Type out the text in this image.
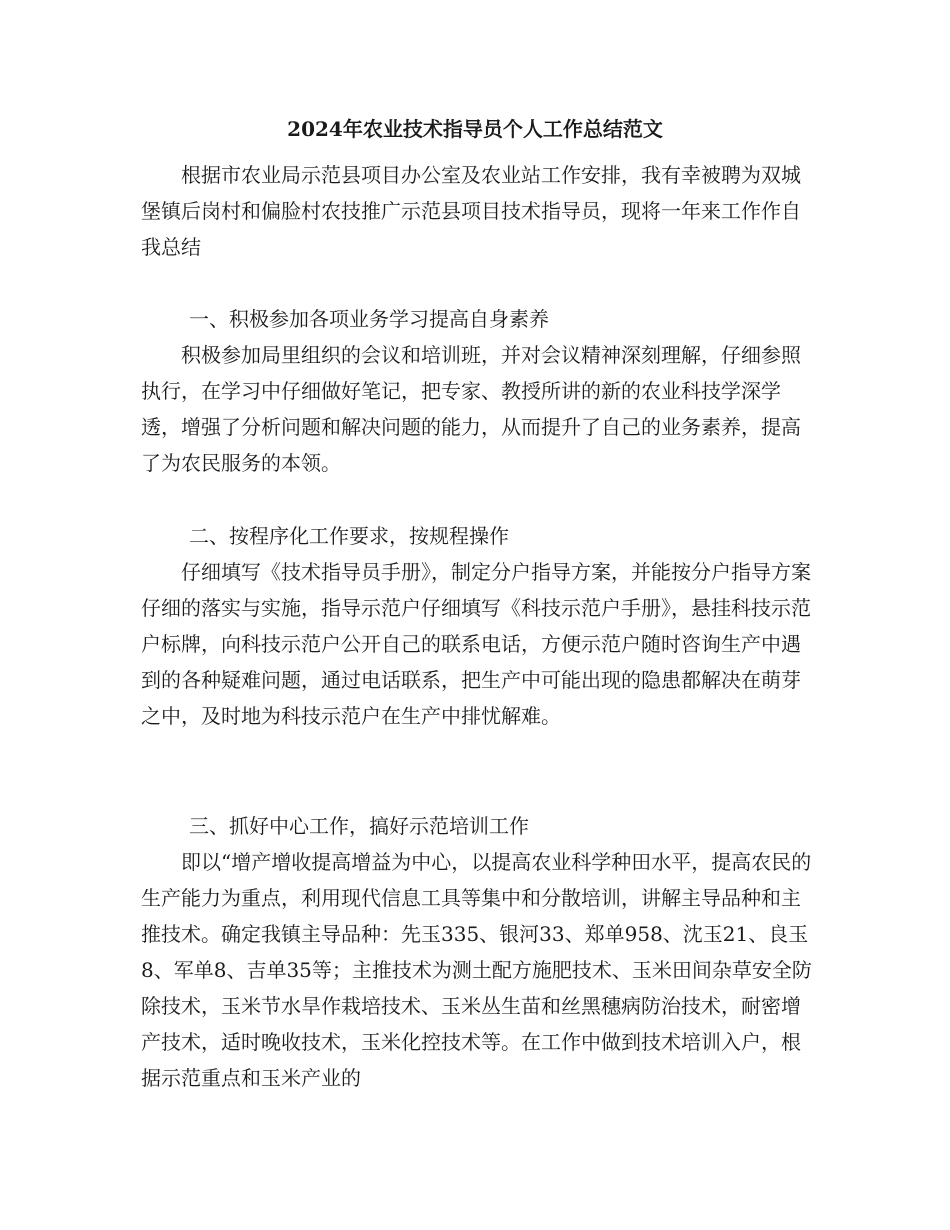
2024年农业技术指导员个人工作总结范文

根据市农业局示范县项目办公室及农业站工作安排，我有幸被聘为双城堡镇后岗村和偏脸村农技推广示范县项目技术指导员，现将一年来工作作自我总结

一、积极参加各项业务学习提高自身素养

积极参加局里组织的会议和培训班，并对会议精神深刻理解，仔细参照执行，在学习中仔细做好笔记，把专家、教授所讲的新的农业科技学深学透，增强了分析问题和解决问题的能力，从而提升了自己的业务素养，提高了为农民服务的本领。

二、按程序化工作要求，按规程操作

仔细填写《技术指导员手册》，制定分户指导方案，并能按分户指导方案仔细的落实与实施，指导示范户仔细填写《科技示范户手册》，悬挂科技示范户标牌，向科技示范户公开自己的联系电话，方便示范户随时咨询生产中遇到的各种疑难问题，通过电话联系，把生产中可能出现的隐患都解决在萌芽之中，及时地为科技示范户在生产中排忧解难。

三、抓好中心工作，搞好示范培训工作

即以“增产增收提高增益为中心，以提高农业科学种田水平，提高农民的生产能力为重点，利用现代信息工具等集中和分散培训，讲解主导品种和主推技术。确定我镇主导品种：先玉335、银河33、郑单958、沈玉21、良玉8、军单8、吉单35等；主推技术为测土配方施肥技术、玉米田间杂草安全防除技术，玉米节水旱作栽培技术、玉米丛生苗和丝黑穗病防治技术，耐密增产技术，适时晚收技术，玉米化控技术等。在工作中做到技术培训入户，根据示范重点和玉米产业的
